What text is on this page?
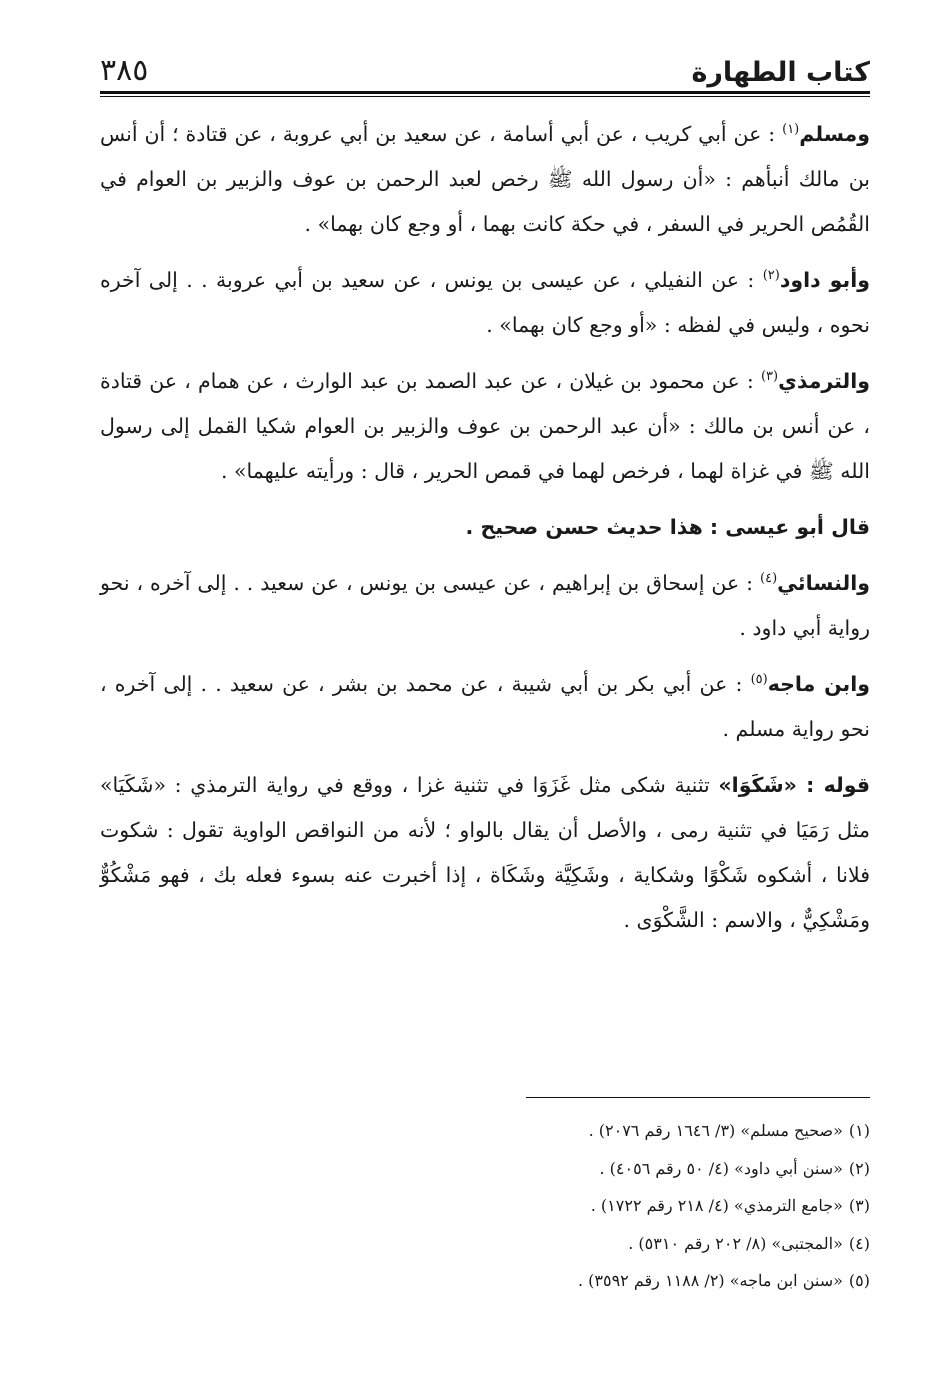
٣٨٥	كتاب الطهارة

ومسلم$^{(١)}$ : عن أبي كريب ، عن أبي أسامة ، عن سعيد بن أبي عروبة ، عن قتادة ؛ أن أنس بن مالك أنبأهم : «أن رسول الله ﷺ رخص لعبد الرحمن بن عوف والزبير بن العوام في القُمُص الحرير في السفر ، في حكة كانت بهما ، أو وجع كان بهما» .

وأبو داود$^{(٢)}$ : عن النفيلي ، عن عيسى بن يونس ، عن سعيد بن أبي عروبة . . إلى آخره نحوه ، وليس في لفظه : «أو وجع كان بهما» .

والترمذي$^{(٣)}$ : عن محمود بن غيلان ، عن عبد الصمد بن عبد الوارث ، عن همام ، عن قتادة ، عن أنس بن مالك : «أن عبد الرحمن بن عوف والزبير بن العوام شكيا القمل إلى رسول الله ﷺ في غزاة لهما ، فرخص لهما في قمص الحرير ، قال : ورأيته عليهما» .

قال أبو عيسى : هذا حديث حسن صحيح .

والنسائي$^{(٤)}$ : عن إسحاق بن إبراهيم ، عن عيسى بن يونس ، عن سعيد . . إلى آخره ، نحو رواية أبي داود .

وابن ماجه$^{(٥)}$ : عن أبي بكر بن أبي شيبة ، عن محمد بن بشر ، عن سعيد . . إلى آخره ، نحو رواية مسلم .

قوله : «شَكَوَا» تثنية شكى مثل غَزَوَا في تثنية غزا ، ووقع في رواية الترمذي : «شَكَيَا» مثل رَمَيَا في تثنية رمى ، والأصل أن يقال بالواو ؛ لأنه من النواقص الواوية تقول : شكوت فلانا ، أشكوه شَكْوًا وشكاية ، وشَكِيَّة وشَكَاة ، إذا أخبرت عنه بسوء فعله بك ، فهو مَشْكُوٌّ ومَشْكِيٌّ ، والاسم : الشَّكْوَى .

(١)
«صحيح مسلم» (٣/ ١٦٤٦ رقم ٢٠٧٦) .
(٢)
«سنن أبي داود» (٤/ ٥٠ رقم ٤٠٥٦) .
(٣)
«جامع الترمذي» (٤/ ٢١٨ رقم ١٧٢٢) .
(٤)
«المجتبى» (٨/ ٢٠٢ رقم ٥٣١٠) .
(٥)
«سنن ابن ماجه» (٢/ ١١٨٨ رقم ٣٥٩٢) .
